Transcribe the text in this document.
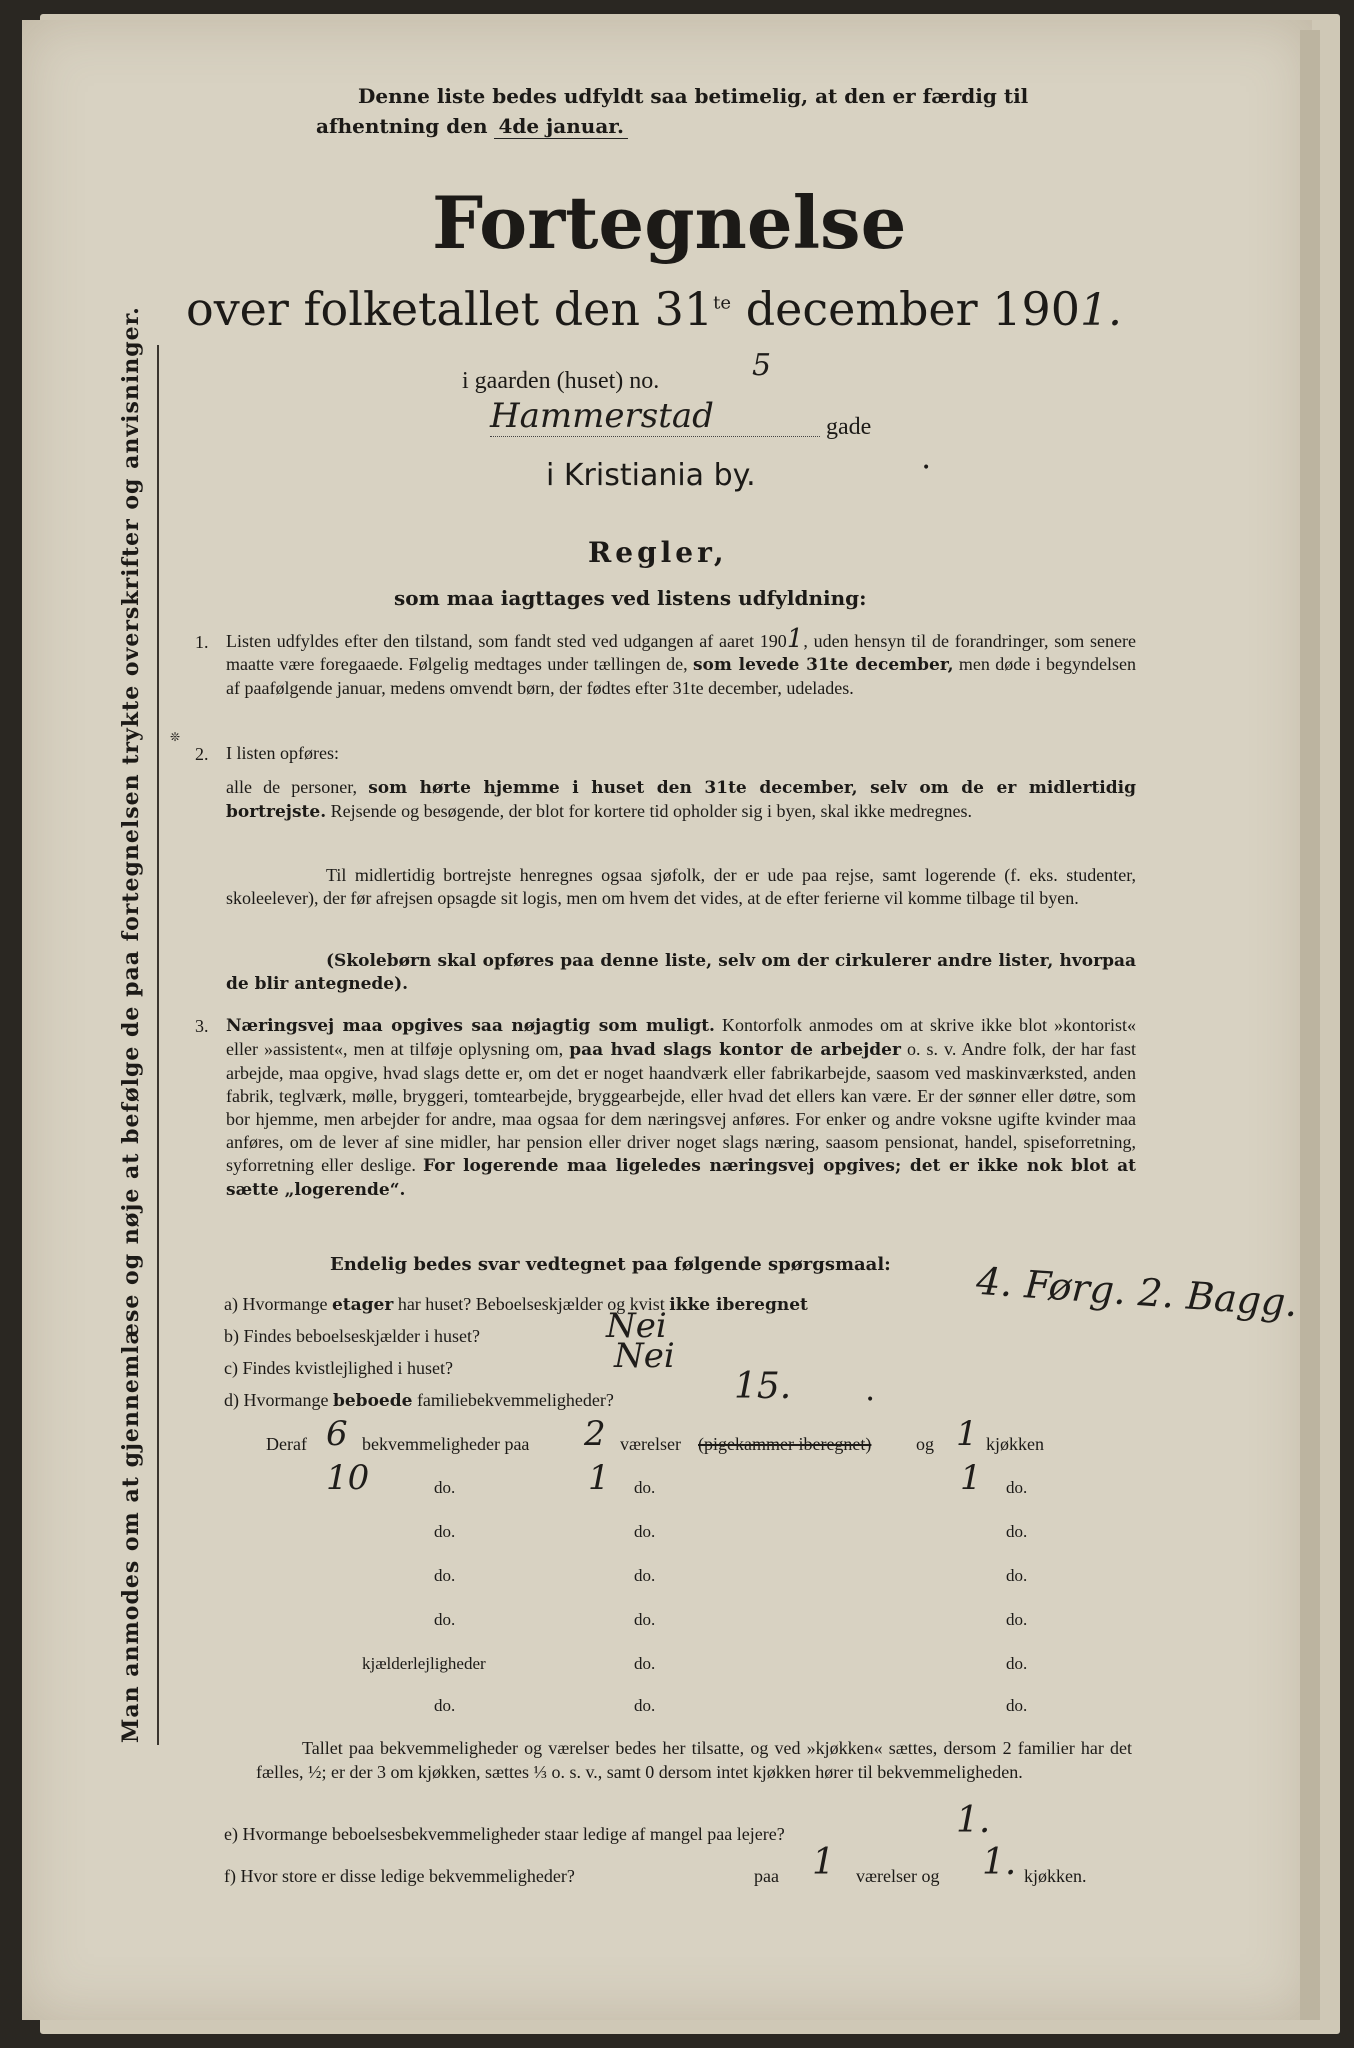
Man anmodes om at gjennemlæse og nøje at befølge de paa fortegnelsen trykte overskrifter og anvisninger.
Denne liste bedes udfyldt saa betimelig, at den er færdig til
afhentning den 4de januar.
Fortegnelse
over folketallet den $31^{te}$ december 1901.
i gaarden (huset) no.	5
Hammerstad	gade
i Kristiania by.	•
Regler,
som maa iagttages ved listens udfyldning:
1. Listen udfyldes efter den tilstand, som fandt sted ved udgangen af aaret 1901, uden hensyn til de forandringer, som senere maatte være foregaaede. Følgelig medtages under tællingen de, som levede 31te december, men døde i begyndelsen af paafølgende januar, medens omvendt børn, der fødtes efter 31te december, udelades.
❊
2. I listen opføres:
alle de personer, som hørte hjemme i huset den 31te december, selv om de er midlertidig bortrejste. Rejsende og besøgende, der blot for kortere tid opholder sig i byen, skal ikke medregnes.
Til midlertidig bortrejste henregnes ogsaa sjøfolk, der er ude paa rejse, samt logerende (f. eks. studenter, skoleelever), der før afrejsen opsagde sit logis, men om hvem det vides, at de efter ferierne vil komme tilbage til byen.
(Skolebørn skal opføres paa denne liste, selv om der cirkulerer andre lister, hvorpaa de blir antegnede).
3. Næringsvej maa opgives saa nøjagtig som muligt. Kontorfolk anmodes om at skrive ikke blot »kontorist« eller »assistent«, men at tilføje oplysning om, paa hvad slags kontor de arbejder o. s. v. Andre folk, der har fast arbejde, maa opgive, hvad slags dette er, om det er noget haandværk eller fabrikarbejde, saasom ved maskinværksted, anden fabrik, teglværk, mølle, bryggeri, tomtearbejde, bryggearbejde, eller hvad det ellers kan være. Er der sønner eller døtre, som bor hjemme, men arbejder for andre, maa ogsaa for dem næringsvej anføres. For enker og andre voksne ugifte kvinder maa anføres, om de lever af sine midler, har pension eller driver noget slags næring, saasom pensionat, handel, spiseforretning, syforretning eller deslige. For logerende maa ligeledes næringsvej opgives; det er ikke nok blot at sætte „logerende“.
Endelig bedes svar vedtegnet paa følgende spørgsmaal:
a) Hvormange etager har huset? Beboelseskjælder og kvist ikke iberegnet	4. Førg. 2. Bagg.
b) Findes beboelseskjælder i huset?	Nei
c) Findes kvistlejlighed i huset?	Nei
d) Hvormange beboede familiebekvemmeligheder?	15.	•
Deraf 6 bekvemmeligheder paa 2 værelser (pigekammer iberegnet) og 1 kjøkken
10	do.	1 do.	1 do.
do.	do.	do.
do.	do.	do.
do.	do.	do.
kjælderlejligheder	do.	do.
do.	do.	do.
Tallet paa bekvemmeligheder og værelser bedes her tilsatte, og ved »kjøkken« sættes, dersom 2 familier har det fælles, ½; er der 3 om kjøkken, sættes ⅓ o. s. v., samt 0 dersom intet kjøkken hører til bekvemmeligheden.
e) Hvormange beboelsesbekvemmeligheder staar ledige af mangel paa lejere?	1.
f) Hvor store er disse ledige bekvemmeligheder?	paa 1 værelser og 1. kjøkken.
